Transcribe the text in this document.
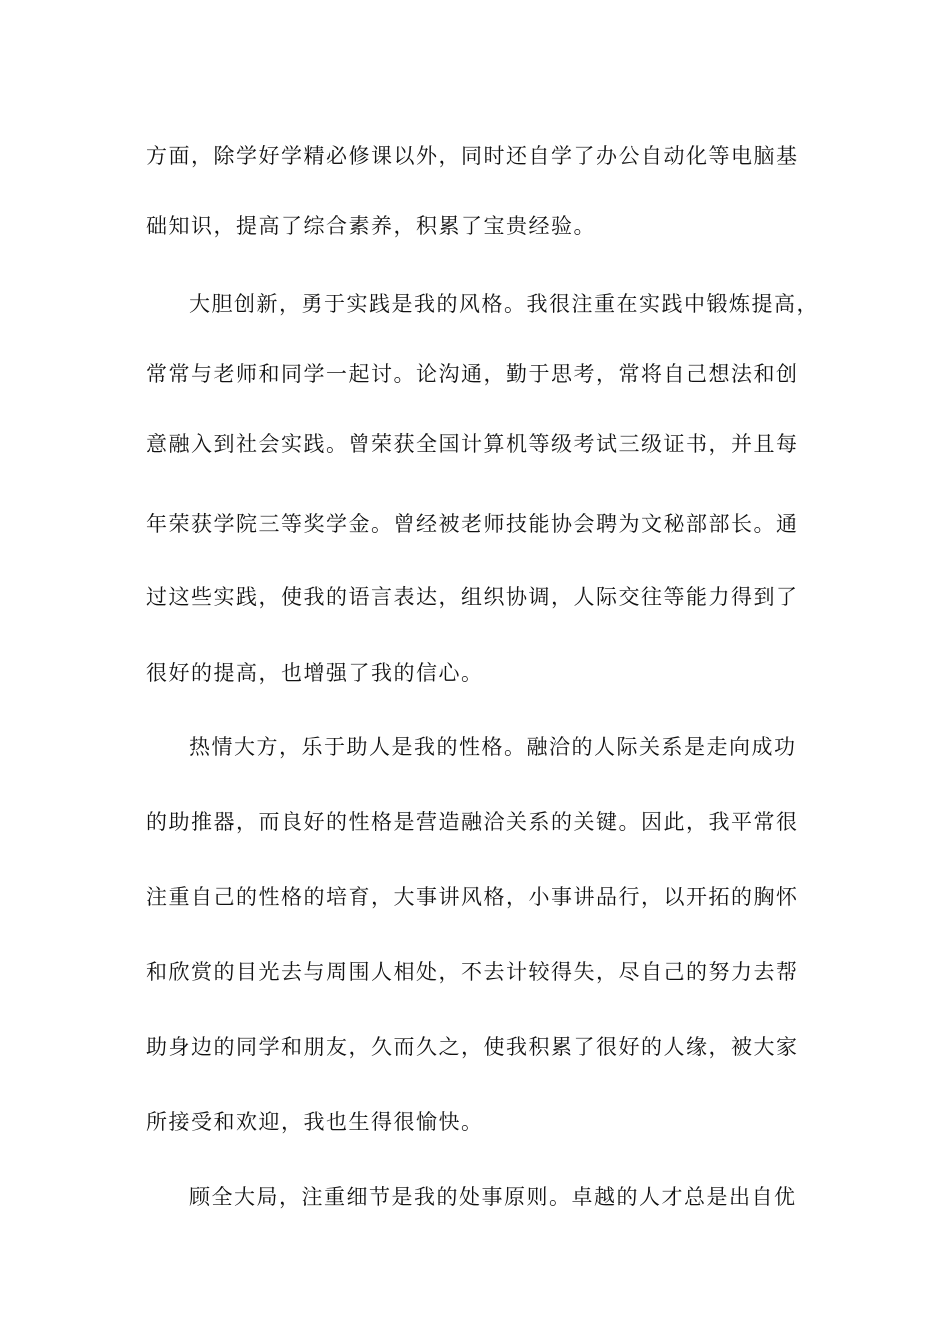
方面，除学好学精必修课以外，同时还自学了办公自动化等电脑基
础知识，提高了综合素养，积累了宝贵经验。
大胆创新，勇于实践是我的风格。我很注重在实践中锻炼提高，
常常与老师和同学一起讨。论沟通，勤于思考，常将自己想法和创
意融入到社会实践。曾荣获全国计算机等级考试三级证书，并且每
年荣获学院三等奖学金。曾经被老师技能协会聘为文秘部部长。通
过这些实践，使我的语言表达，组织协调，人际交往等能力得到了
很好的提高，也增强了我的信心。
热情大方，乐于助人是我的性格。融洽的人际关系是走向成功
的助推器，而良好的性格是营造融洽关系的关键。因此，我平常很
注重自己的性格的培育，大事讲风格，小事讲品行，以开拓的胸怀
和欣赏的目光去与周围人相处，不去计较得失，尽自己的努力去帮
助身边的同学和朋友，久而久之，使我积累了很好的人缘，被大家
所接受和欢迎，我也生得很愉快。
顾全大局，注重细节是我的处事原则。卓越的人才总是出自优
